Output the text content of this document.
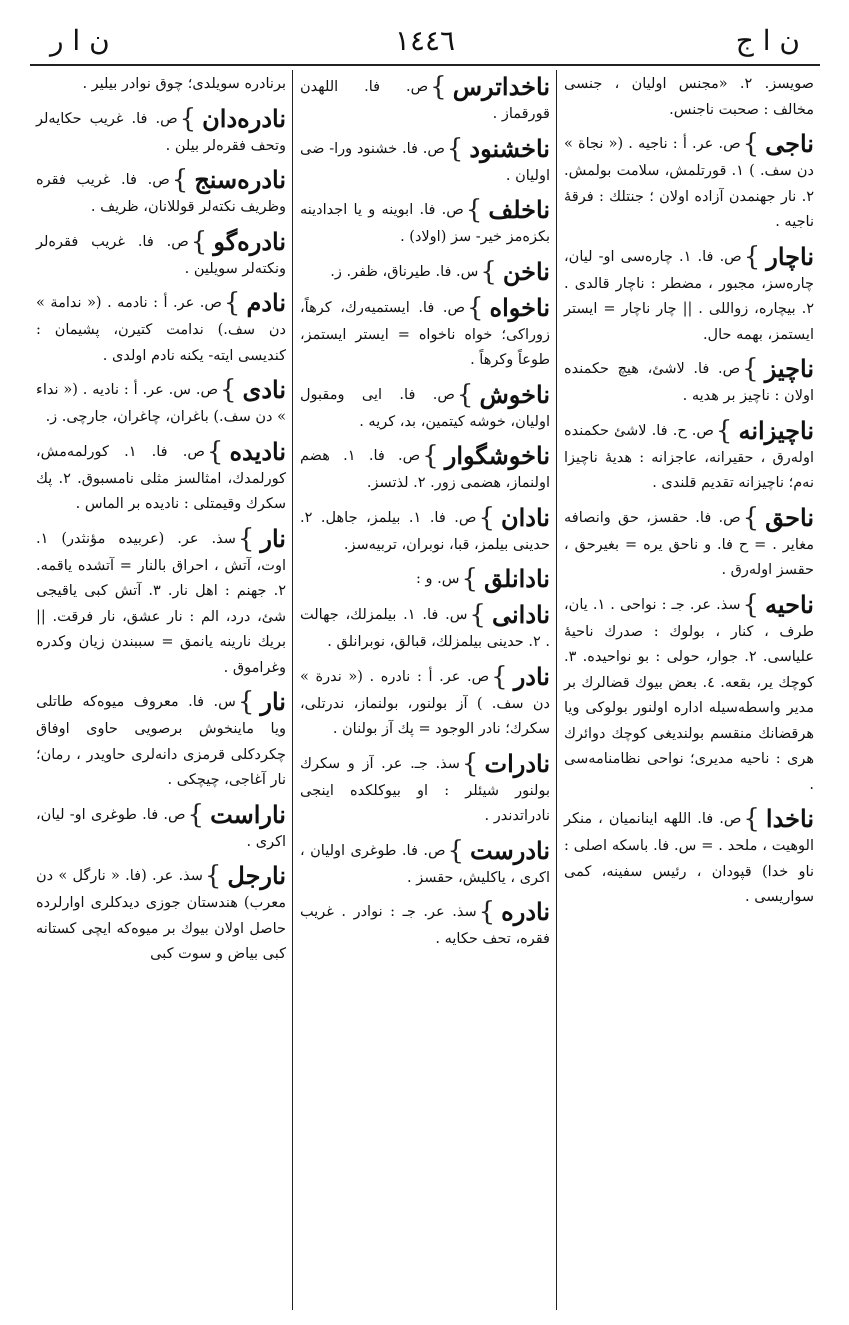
ن ا ج
١٤٤٦
ن ا ر
صويسز. ٢. «مجنس اوليان ، جنسى مخالف : صحبت ناجنس.
ناجى}ص. عر. أ : ناجيه . (« نجاة » دن سف. ) ١. قورتلمش، سلامت بولمش. ٢. نار جهنمدن آزاده اولان ؛ جنتلك : فرقهٔ ناجيه .
ناچار}ص. فا. ١. چاره‌سى او- ليان، چاره‌سز، مجبور ، مضطر : ناچار قالدى . ٢. بيچاره، زواللى . || چار ناچار = ايستر ايستمز، بهمه حال.
ناچيز}ص. فا. لاشئ، هيچ حكمنده اولان : ناچيز بر هديه .
ناچيزانه}ص. ح. فا. لاشئ حكمنده اوله‌رق ، حقيرانه، عاجزانه : هديهٔ ناچيزا نه‌م؛ ناچيزانه تقديم قلندى .
ناحق}ص. فا. حقسز، حق وانصافه مغاير . = ح فا. و ناحق يره = بغيرحق ، حقسز اوله‌رق .
ناحيه}سذ. عر. جـ : نواحى . ١. يان، طرف ، كنار ، بولوك : صدرك ناحيهٔ علياسى. ٢. جوار، حولى : بو نواحيده. ٣. كوچك ير، بقعه. ٤. بعض بيوك قضالرك بر مدير واسطه‌سيله اداره اولنور بولوكى ويا هرقضانك منقسم بولنديغى كوچك دوائرك هرى : ناحيه مديرى؛ نواحى نظامنامه‌سى .
ناخدا}ص. فا. اللهه اينانميان ، منكر الوهيت ، ملحد . = س. فا. باسكه اصلى : ناو خدا) قپودان ، رئيس سفينه، كمى سواريسى .
ناخداترس}ص. فا. اللهدن قورقماز .
ناخشنود}ص. فا. خشنود ورا- ضى اوليان .
ناخلف}ص. فا. ابوينه و يا اجدادينه بكزه‌مز خير- سز (اولاد) .
ناخن}س. فا. طيرناق، ظفر. ز.
ناخواه}ص. فا. ايستميه‌رك، كرهاً، زوراكى؛ خواه ناخواه = ايستر ايستمز، طوعاً وكرهاً .
ناخوش}ص. فا. ايى ومقبول اوليان، خوشه كيتمين، بد، كريه .
ناخوشگوار}ص. فا. ١. هضم اولنماز، هضمى زور. ٢. لذتسز.
نادان}ص. فا. ١. بيلمز، جاهل. ٢. حدينى بيلمز، قبا، نوبران، تربيه‌سز.
نادانلق}س. و :
نادانى}س. فا. ١. بيلمزلك، جهالت . ٢. حدينى بيلمزلك، قبالق، نوبرانلق .
نادر}ص. عر. أ : نادره . (« ندرة » دن سف. ) آز بولنور، بولنماز، ندرتلى، سكرك؛ نادر الوجود = پك آز بولنان .
نادرات}سذ. جـ. عر. آز و سكرك بولنور شيئلر : او بيوكلكده اينجى نادراتدندر .
نادرست}ص. فا. طوغرى اوليان ، اكرى ، ياكليش، حقسز .
نادره}سذ. عر. جـ : نوادر . غريب فقره، تحف حكايه .
برنادره سويلدى؛ چوق نوادر بيلير .
نادره‌دان}ص. فا. غريب حكايه‌لر وتحف فقره‌لر بيلن .
نادره‌سنج}ص. فا. غريب فقره وظريف نكته‌لر قوللانان، ظريف .
نادره‌گو}ص. فا. غريب فقره‌لر ونكته‌لر سويلين .
نادم}ص. عر. أ : نادمه . (« ندامة » دن سف.) ندامت كتيرن، پشيمان : كنديسى ايته- يكنه نادم اولدى .
نادى}ص. س. عر. أ : ناديه . (« نداء » دن سف.) باغران، چاغران، جارچى. ز.
ناديده}ص. فا. ١. كورلمه‌مش، كورلمدك، امثالسز مثلى نامسبوق. ٢. پك سكرك وقيمتلى : ناديده بر الماس .
نار}سذ. عر. (عربيده مؤنثدر) ١. اوت، آتش ، احراق بالنار = آتشده ياقمه. ٢. جهنم : اهل نار. ٣. آتش كبى ياقيجى شئ، درد، الم : نار عشق، نار فرقت. || بريك نارينه يانمق = سببندن زيان وكدره وغراموق .
نار}س. فا. معروف ميوه‌كه طاتلى ويا ماينخوش برصويى حاوى اوفاق چكردكلى قرمزى دانه‌لرى حاويدر ، رمان؛ نار آغاجى، چيچكى .
ناراست}ص. فا. طوغرى او- ليان، اكرى .
نارجل}سذ. عر. (فا. « نارگل » دن معرب) هندستان جوزى ديدكلرى اوارلرده حاصل اولان بيوك بر ميوه‌كه ايچى كستانه كبى بياض و سوت كبى
